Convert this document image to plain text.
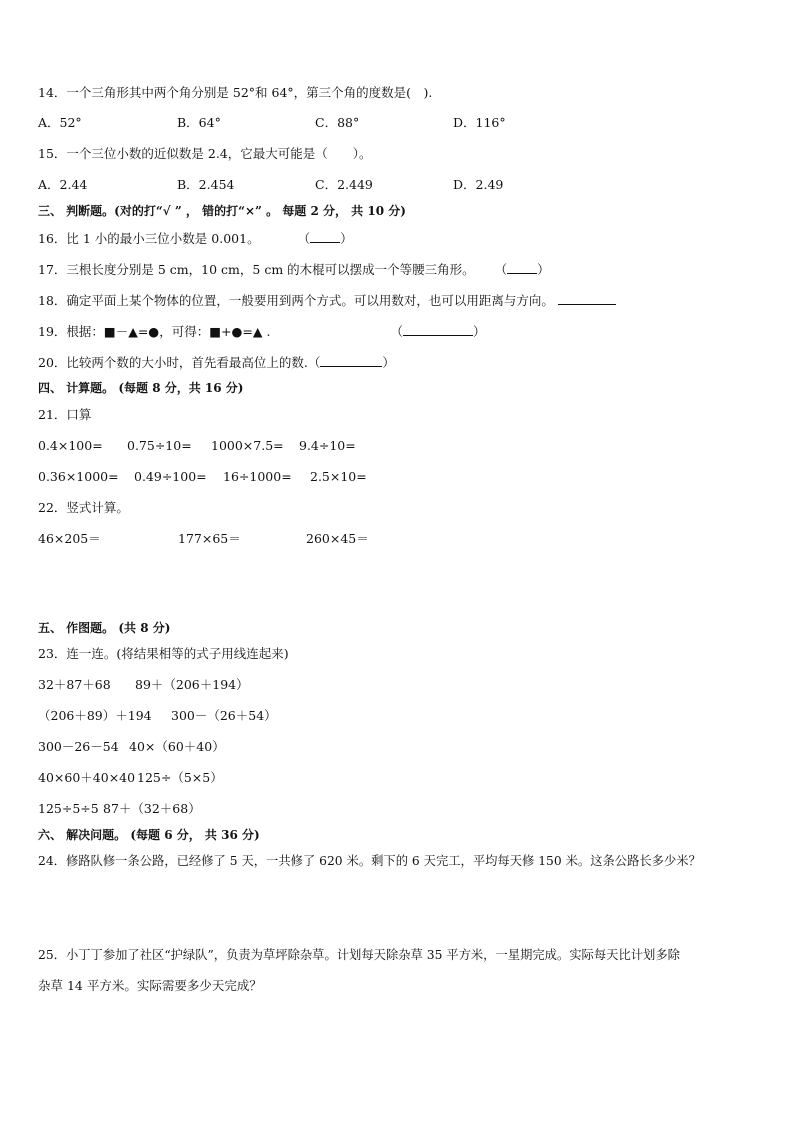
14．一个三角形其中两个角分别是 52°和 64°，第三个角的度数是(　).
A．52°	B．64°	C．88°	D．116°
15．一个三位小数的近似数是 2.4，它最大可能是（　　）。
A．2.44	B．2.454	C．2.449	D．2.49
三、 判断题。(对的打“√ ” ， 错的打“×” 。 每题 2 分， 共 10 分)
16．比 1 小的最小三位小数是 0.001。	（ ）
17．三根长度分别是 5 cm，10 cm，5 cm 的木棍可以摆成一个等腰三角形。 （ ）
18．确定平面上某个物体的位置，一般要用到两个方式。可以用数对，也可以用距离与方向。
19．根据：■－▲=●，可得：■+●=▲ .	（	）
20．比较两个数的大小时，首先看最高位上的数.（	）
四、 计算题。 (每题 8 分，共 16 分)
21．口算
0.4×100= 0.75÷10= 1000×7.5= 9.4÷10=
0.36×1000= 0.49÷100= 16÷1000= 2.5×10=
22．竖式计算。
46×205＝	177×65＝	260×45＝
五、 作图题。 (共 8 分)
23．连一连。(将结果相等的式子用线连起来)
32＋87＋68 89＋（206＋194）
（206＋89）＋194 300－（26＋54）
300－26－54 40×（60＋40）
40×60＋40×40 125÷（5×5）
125÷5÷5 87＋（32＋68）
六、 解决问题。 (每题 6 分， 共 36 分)
24．修路队修一条公路，已经修了 5 天，一共修了 620 米。剩下的 6 天完工，平均每天修 150 米。这条公路长多少米？
25．小丁丁参加了社区“护绿队”，负责为草坪除杂草。计划每天除杂草 35 平方米，一星期完成。实际每天比计划多除
杂草 14 平方米。实际需要多少天完成？
